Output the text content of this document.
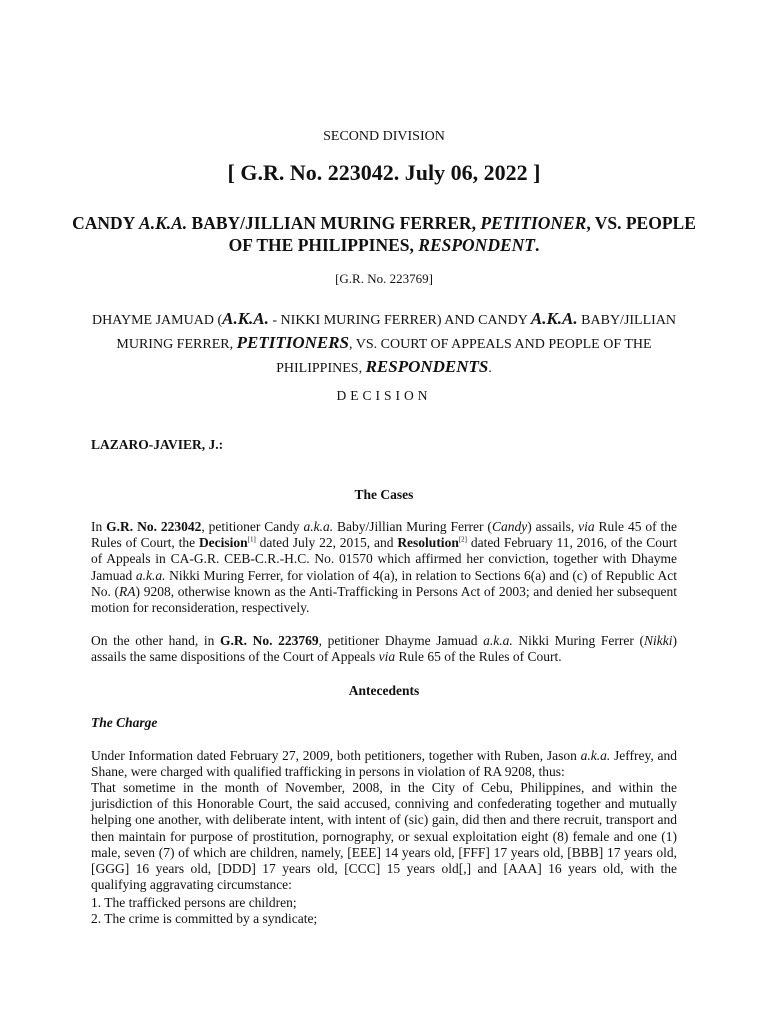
SECOND DIVISION
[ G.R. No. 223042. July 06, 2022 ]
CANDY A.K.A. BABY/JILLIAN MURING FERRER, PETITIONER, VS. PEOPLE OF THE PHILIPPINES, RESPONDENT.
[G.R. No. 223769]
DHAYME JAMUAD (A.K.A. - NIKKI MURING FERRER) AND CANDY A.K.A. BABY/JILLIAN MURING FERRER, PETITIONERS, VS. COURT OF APPEALS AND PEOPLE OF THE PHILIPPINES, RESPONDENTS.
DECISION
LAZARO-JAVIER, J.:
The Cases
In G.R. No. 223042, petitioner Candy a.k.a. Baby/Jillian Muring Ferrer (Candy) assails, via Rule 45 of the Rules of Court, the Decision[1] dated July 22, 2015, and Resolution[2] dated February 11, 2016, of the Court of Appeals in CA-G.R. CEB-C.R.-H.C. No. 01570 which affirmed her conviction, together with Dhayme Jamuad a.k.a. Nikki Muring Ferrer, for violation of 4(a), in relation to Sections 6(a) and (c) of Republic Act No. (RA) 9208, otherwise known as the Anti-Trafficking in Persons Act of 2003; and denied her subsequent motion for reconsideration, respectively.
On the other hand, in G.R. No. 223769, petitioner Dhayme Jamuad a.k.a. Nikki Muring Ferrer (Nikki) assails the same dispositions of the Court of Appeals via Rule 65 of the Rules of Court.
Antecedents
The Charge
Under Information dated February 27, 2009, both petitioners, together with Ruben, Jason a.k.a. Jeffrey, and Shane, were charged with qualified trafficking in persons in violation of RA 9208, thus:
That sometime in the month of November, 2008, in the City of Cebu, Philippines, and within the jurisdiction of this Honorable Court, the said accused, conniving and confederating together and mutually helping one another, with deliberate intent, with intent of (sic) gain, did then and there recruit, transport and then maintain for purpose of prostitution, pornography, or sexual exploitation eight (8) female and one (1) male, seven (7) of which are children, namely, [EEE] 14 years old, [FFF] 17 years old, [BBB] 17 years old, [GGG] 16 years old, [DDD] 17 years old, [CCC] 15 years old[,] and [AAA] 16 years old, with the qualifying aggravating circumstance:
1. The trafficked persons are children;
2. The crime is committed by a syndicate;
